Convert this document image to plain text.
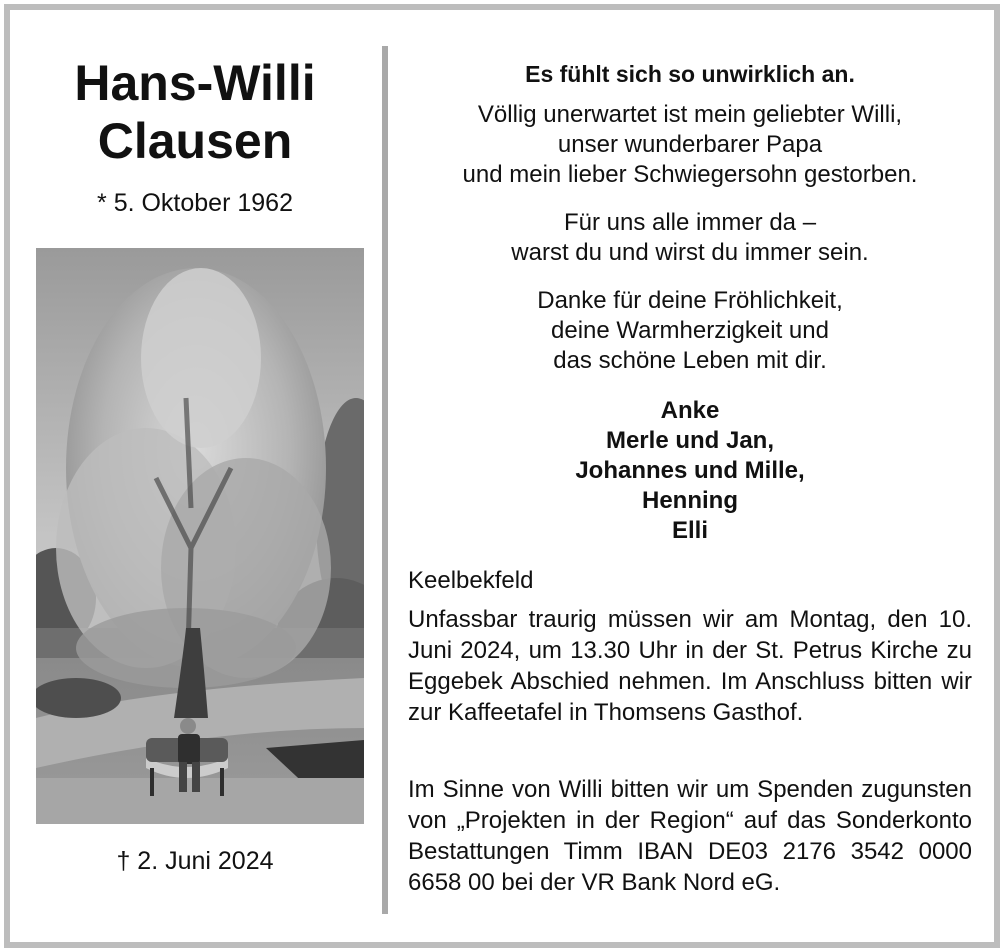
Hans-Willi
Clausen
* 5. Oktober 1962
† 2. Juni 2024
Es fühlt sich so unwirklich an.
Völlig unerwartet ist mein geliebter Willi,
unser wunderbarer Papa
und mein lieber Schwiegersohn gestorben.
Für uns alle immer da –
warst du und wirst du immer sein.
Danke für deine Fröhlichkeit,
deine Warmherzigkeit und
das schöne Leben mit dir.
Anke
Merle und Jan,
Johannes und Mille,
Henning
Elli
Keelbekfeld
Unfassbar traurig müssen wir am Montag, den 10. Juni 2024, um 13.30 Uhr in der St. Petrus Kirche zu Eggebek Abschied nehmen. Im Anschluss bitten wir zur Kaffeetafel in Thomsens Gasthof.
Im Sinne von Willi bitten wir um Spenden zugunsten von „Projekten in der Region“ auf das Sonderkonto Bestattungen Timm IBAN DE03 2176 3542 0000 6658 00 bei der VR Bank Nord eG.
